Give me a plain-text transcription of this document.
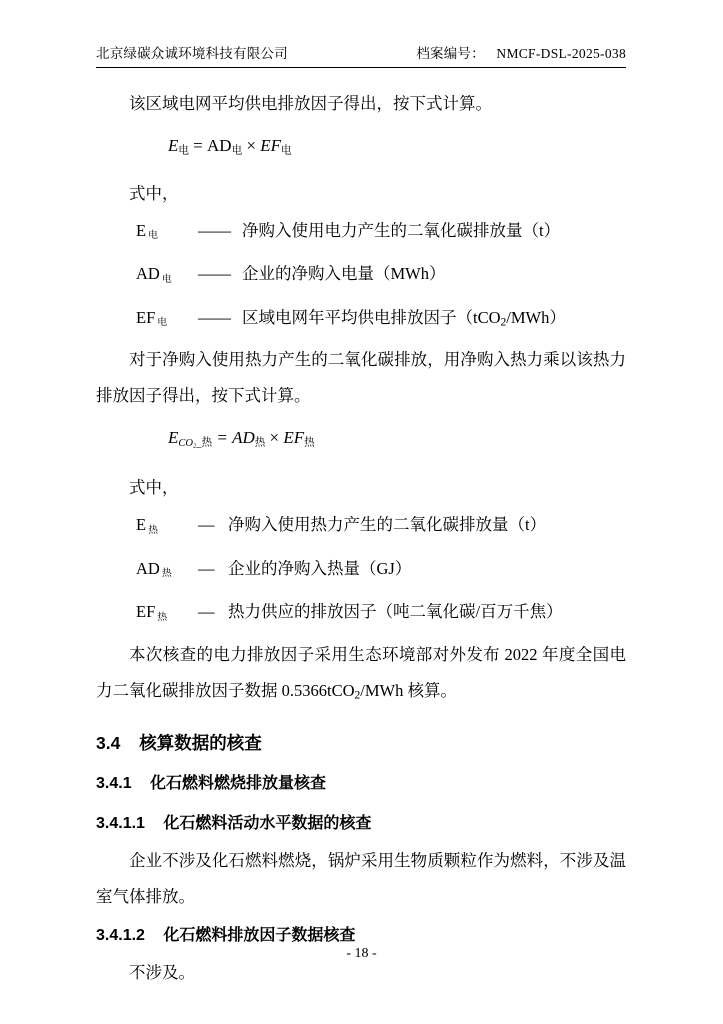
北京绿碳众诚环境科技有限公司	档案编号： NMCF-DSL-2025-038

该区域电网平均供电排放因子得出，按下式计算。

$E_电 = AD_电 \times EF_电$

式中，

E $_电$	—— 净购入使用电力产生的二氧化碳排放量（t）
AD $_电$	—— 企业的净购入电量（MWh）
EF $_电$	—— 区域电网年平均供电排放因子（tCO$_2$/MWh）

对于净购入使用热力产生的二氧化碳排放，用净购入热力乘以该热力排放因子得出，按下式计算。

$E_{CO_2\_热} = AD_热 \times EF_热$

式中，

E $_热$	— 净购入使用热力产生的二氧化碳排放量（t）
AD $_热$	— 企业的净购入热量（GJ）
EF $_热$	— 热力供应的排放因子（吨二氧化碳/百万千焦）

本次核查的电力排放因子采用生态环境部对外发布 2022 年度全国电力二氧化碳排放因子数据 0.5366tCO$_2$/MWh 核算。

3.4 核算数据的核查
3.4.1 化石燃料燃烧排放量核查
3.4.1.1 化石燃料活动水平数据的核查

企业不涉及化石燃料燃烧，锅炉采用生物质颗粒作为燃料，不涉及温室气体排放。

3.4.1.2 化石燃料排放因子数据核查

不涉及。

- 18 -
